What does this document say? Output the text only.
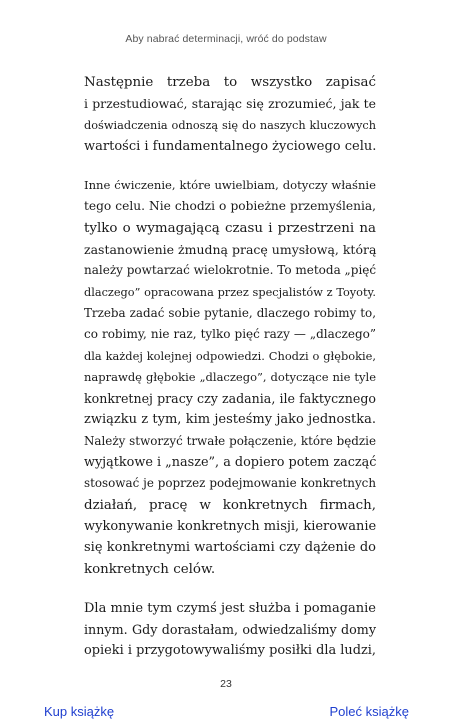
Aby nabrać determinacji, wróć do podstaw

Następnie trzeba to wszystko zapisać
i przestudiować, starając się zrozumieć, jak te
doświadczenia odnoszą się do naszych kluczowych
wartości i fundamentalnego życiowego celu.

Inne ćwiczenie, które uwielbiam, dotyczy właśnie
tego celu. Nie chodzi o pobieżne przemyślenia,
tylko o wymagającą czasu i przestrzeni na
zastanowienie żmudną pracę umysłową, którą
należy powtarzać wielokrotnie. To metoda „pięć
dlaczego” opracowana przez specjalistów z Toyoty.
Trzeba zadać sobie pytanie, dlaczego robimy to,
co robimy, nie raz, tylko pięć razy — „dlaczego”
dla każdej kolejnej odpowiedzi. Chodzi o głębokie,
naprawdę głębokie „dlaczego”, dotyczące nie tyle
konkretnej pracy czy zadania, ile faktycznego
związku z tym, kim jesteśmy jako jednostka.
Należy stworzyć trwałe połączenie, które będzie
wyjątkowe i „nasze”, a dopiero potem zacząć
stosować je poprzez podejmowanie konkretnych
działań, pracę w konkretnych firmach,
wykonywanie konkretnych misji, kierowanie
się konkretnymi wartościami czy dążenie do
konkretnych celów.

Dla mnie tym czymś jest służba i pomaganie
innym. Gdy dorastałam, odwiedzaliśmy domy
opieki i przygotowywaliśmy posiłki dla ludzi,

23
Kup książkę	Poleć książkę
